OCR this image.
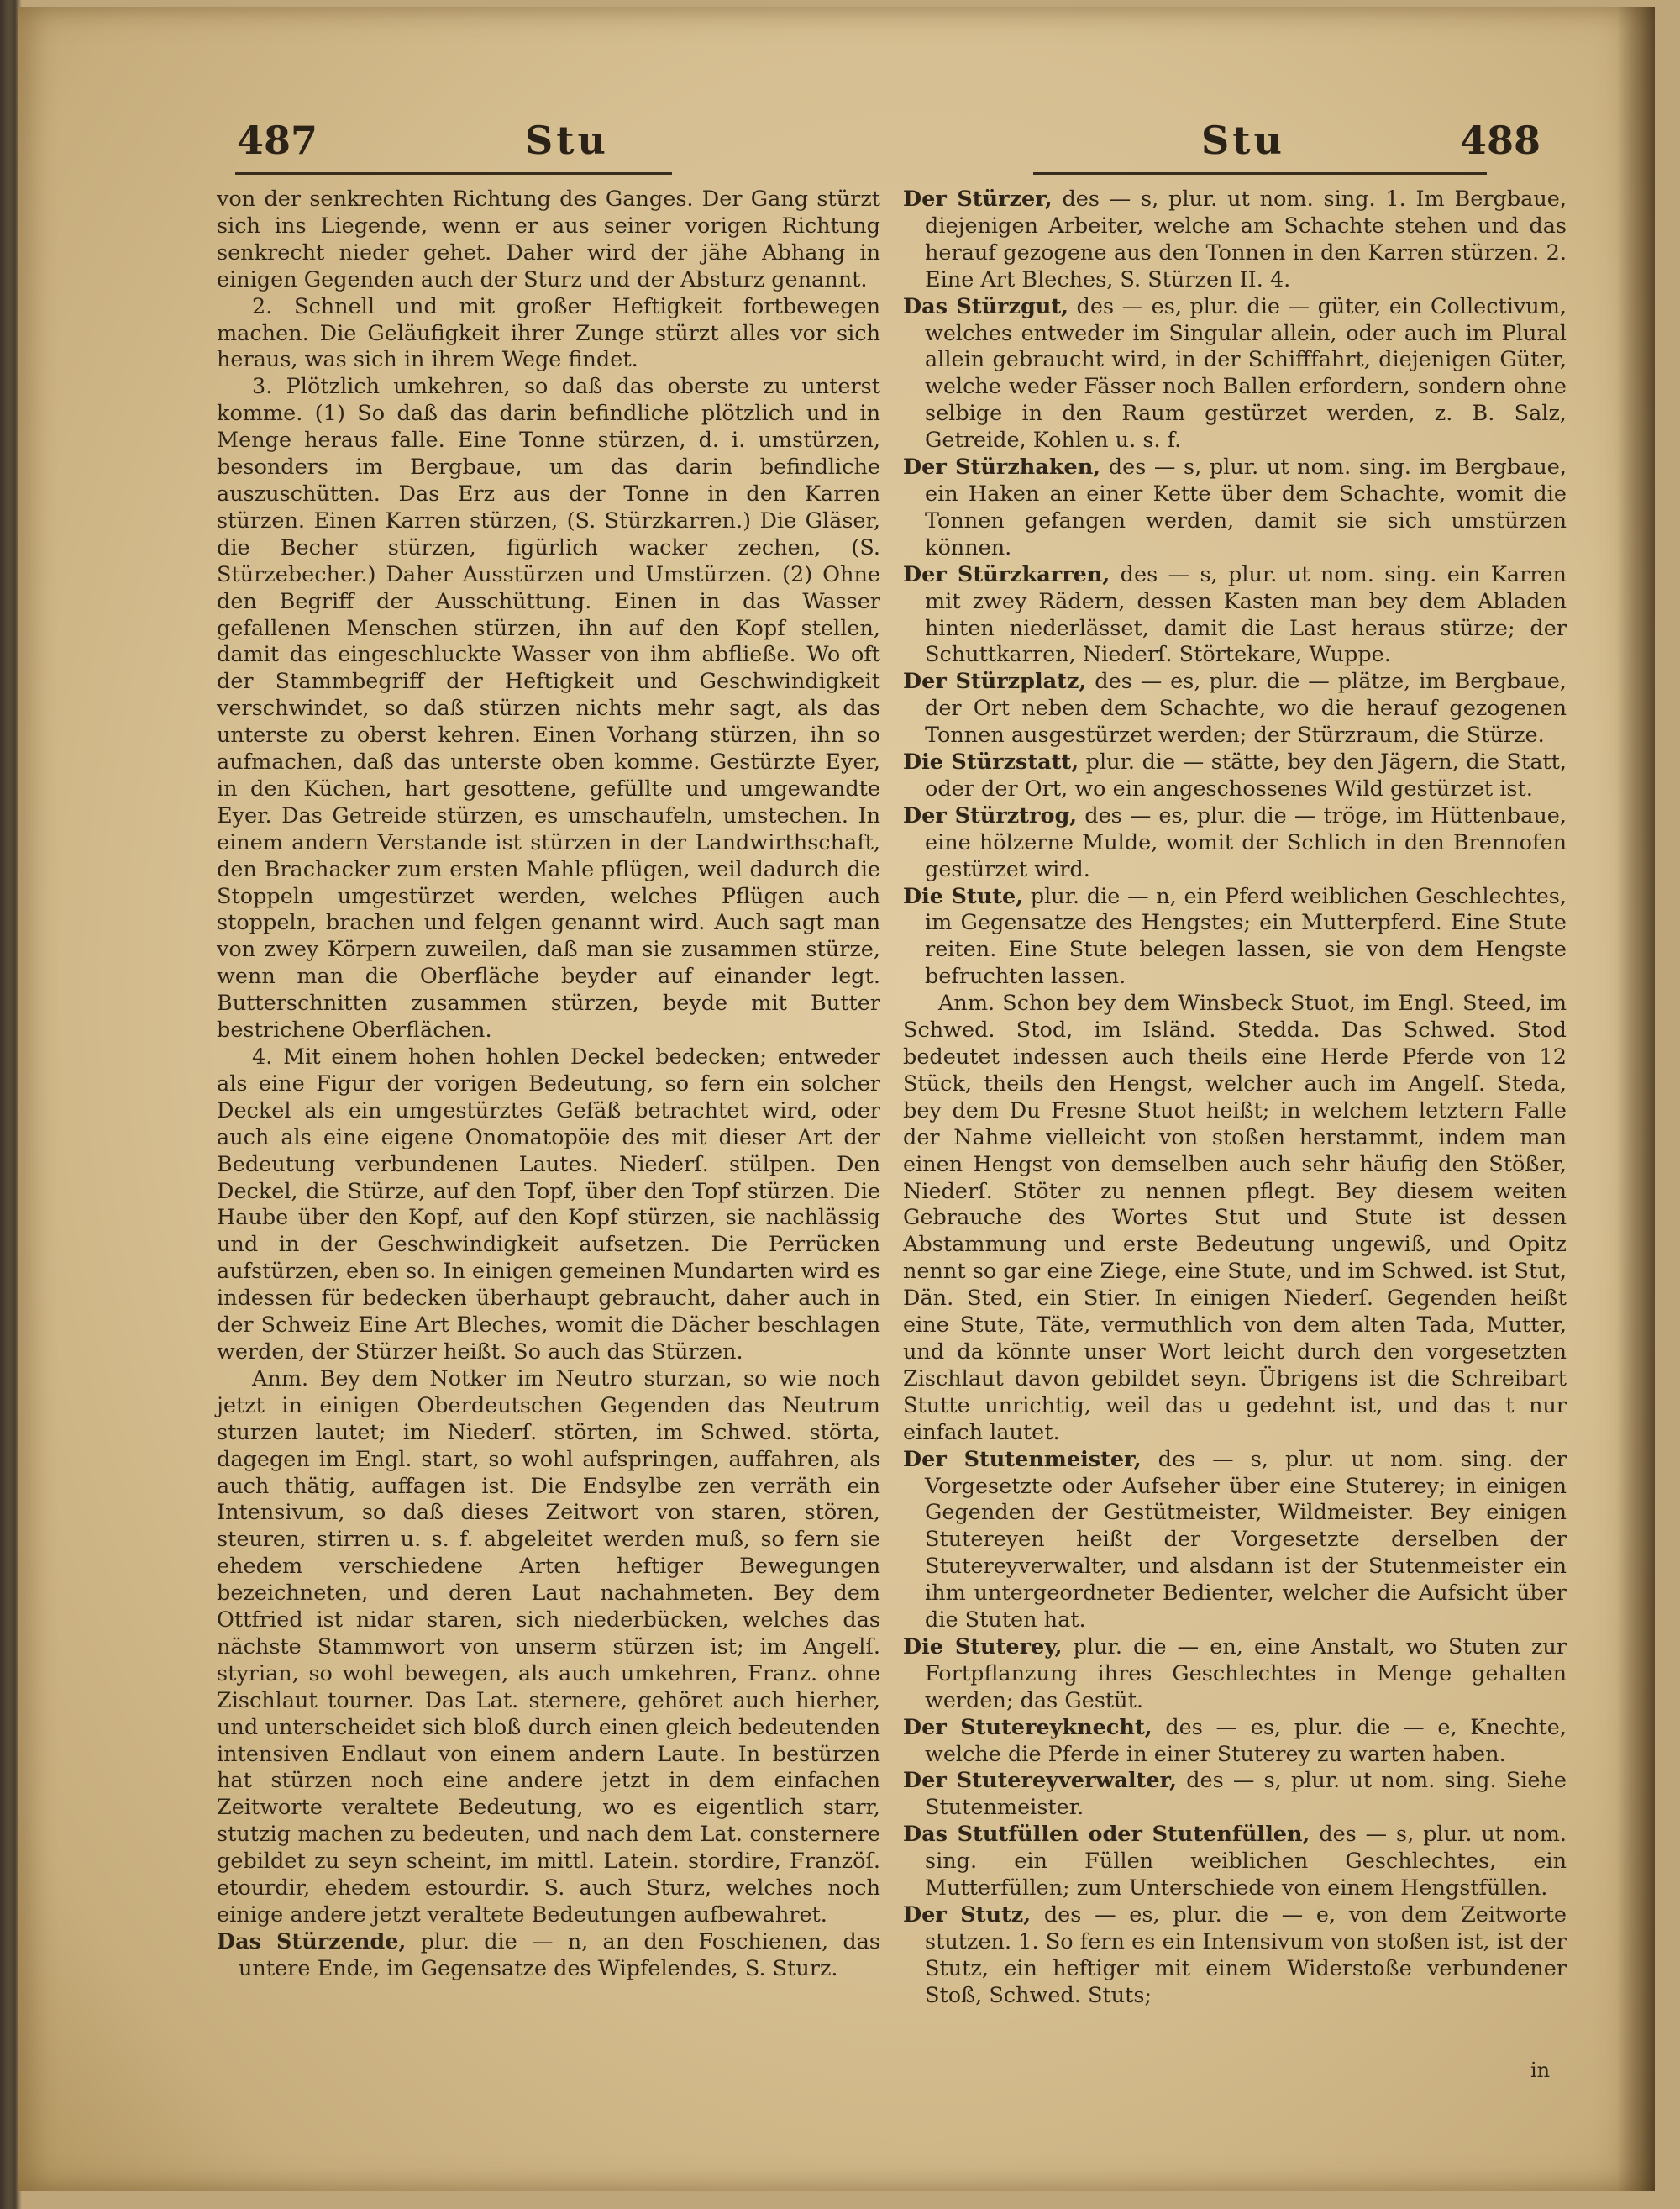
487	Stu	Stu	488

von der senkrechten Richtung des Ganges. Der Gang stürzt sich ins Liegende, wenn er aus seiner vorigen Richtung senkrecht nieder gehet. Daher wird der jähe Abhang in einigen Gegenden auch der Sturz und der Absturz genannt.

2. Schnell und mit großer Heftigkeit fortbewegen machen. Die Geläufigkeit ihrer Zunge stürzt alles vor sich heraus, was sich in ihrem Wege findet.

3. Plötzlich umkehren, so daß das oberste zu unterst komme. (1) So daß das darin befindliche plötzlich und in Menge heraus falle. Eine Tonne stürzen, d. i. umstürzen, besonders im Bergbaue, um das darin befindliche auszuschütten. Das Erz aus der Tonne in den Karren stürzen. Einen Karren stürzen, (S. Stürzkarren.) Die Gläser, die Becher stürzen, figürlich wacker zechen, (S. Stürzebecher.) Daher Ausstürzen und Umstürzen. (2) Ohne den Begriff der Ausschüttung. Einen in das Wasser gefallenen Menschen stürzen, ihn auf den Kopf stellen, damit das eingeschluckte Wasser von ihm abfließe. Wo oft der Stammbegriff der Heftigkeit und Geschwindigkeit verschwindet, so daß stürzen nichts mehr sagt, als das unterste zu oberst kehren. Einen Vorhang stürzen, ihn so aufmachen, daß das unterste oben komme. Gestürzte Eyer, in den Küchen, hart gesottene, gefüllte und umgewandte Eyer. Das Getreide stürzen, es umschaufeln, umstechen. In einem andern Verstande ist stürzen in der Landwirthschaft, den Brachacker zum ersten Mahle pflügen, weil dadurch die Stoppeln umgestürzet werden, welches Pflügen auch stoppeln, brachen und felgen genannt wird. Auch sagt man von zwey Körpern zuweilen, daß man sie zusammen stürze, wenn man die Oberfläche beyder auf einander legt. Butterschnitten zusammen stürzen, beyde mit Butter bestrichene Oberflächen.

4. Mit einem hohen hohlen Deckel bedecken; entweder als eine Figur der vorigen Bedeutung, so fern ein solcher Deckel als ein umgestürztes Gefäß betrachtet wird, oder auch als eine eigene Onomatopöie des mit dieser Art der Bedeutung verbundenen Lautes. Niederſ. stülpen. Den Deckel, die Stürze, auf den Topf, über den Topf stürzen. Die Haube über den Kopf, auf den Kopf stürzen, sie nachlässig und in der Geschwindigkeit aufsetzen. Die Perrücken aufstürzen, eben so. In einigen gemeinen Mundarten wird es indessen für bedecken überhaupt gebraucht, daher auch in der Schweiz Eine Art Bleches, womit die Dächer beschlagen werden, der Stürzer heißt. So auch das Stürzen.

Anm. Bey dem Notker im Neutro sturzan, so wie noch jetzt in einigen Oberdeutschen Gegenden das Neutrum sturzen lautet; im Niederſ. störten, im Schwed. störta, dagegen im Engl. start, so wohl aufspringen, auffahren, als auch thätig, auffagen ist. Die Endsylbe zen verräth ein Intensivum, so daß dieses Zeitwort von staren, stören, steuren, stirren u. s. f. abgeleitet werden muß, so fern sie ehedem verschiedene Arten heftiger Bewegungen bezeichneten, und deren Laut nachahmeten. Bey dem Ottfried ist nidar staren, sich niederbücken, welches das nächste Stammwort von unserm stürzen ist; im Angelſ. styrian, so wohl bewegen, als auch umkehren, Franz. ohne Zischlaut tourner. Das Lat. sternere, gehöret auch hierher, und unterscheidet sich bloß durch einen gleich bedeutenden intensiven Endlaut von einem andern Laute. In bestürzen hat stürzen noch eine andere jetzt in dem einfachen Zeitworte veraltete Bedeutung, wo es eigentlich starr, stutzig machen zu bedeuten, und nach dem Lat. consternere gebildet zu seyn scheint, im mittl. Latein. stordire, Franzöſ. etourdir, ehedem estourdir. S. auch Sturz, welches noch einige andere jetzt veraltete Bedeutungen aufbewahret.

Das Stürzende, plur. die — n, an den Foschienen, das untere Ende, im Gegensatze des Wipfelendes, S. Sturz.

Der Stürzer, des — s, plur. ut nom. sing. 1. Im Bergbaue, diejenigen Arbeiter, welche am Schachte stehen und das herauf gezogene aus den Tonnen in den Karren stürzen. 2. Eine Art Bleches, S. Stürzen II. 4.

Das Stürzgut, des — es, plur. die — güter, ein Collectivum, welches entweder im Singular allein, oder auch im Plural allein gebraucht wird, in der Schifffahrt, diejenigen Güter, welche weder Fässer noch Ballen erfordern, sondern ohne selbige in den Raum gestürzet werden, z. B. Salz, Getreide, Kohlen u. s. f.

Der Stürzhaken, des — s, plur. ut nom. sing. im Bergbaue, ein Haken an einer Kette über dem Schachte, womit die Tonnen gefangen werden, damit sie sich umstürzen können.

Der Stürzkarren, des — s, plur. ut nom. sing. ein Karren mit zwey Rädern, dessen Kasten man bey dem Abladen hinten niederlässet, damit die Last heraus stürze; der Schuttkarren, Niederſ. Störtekare, Wuppe.

Der Stürzplatz, des — es, plur. die — plätze, im Bergbaue, der Ort neben dem Schachte, wo die herauf gezogenen Tonnen ausgestürzet werden; der Stürzraum, die Stürze.

Die Stürzstatt, plur. die — stätte, bey den Jägern, die Statt, oder der Ort, wo ein angeschossenes Wild gestürzet ist.

Der Stürztrog, des — es, plur. die — tröge, im Hüttenbaue, eine hölzerne Mulde, womit der Schlich in den Brennofen gestürzet wird.

Die Stute, plur. die — n, ein Pferd weiblichen Geschlechtes, im Gegensatze des Hengstes; ein Mutterpferd. Eine Stute reiten. Eine Stute belegen lassen, sie von dem Hengste befruchten lassen.

Anm. Schon bey dem Winsbeck Stuot, im Engl. Steed, im Schwed. Stod, im Isländ. Stedda. Das Schwed. Stod bedeutet indessen auch theils eine Herde Pferde von 12 Stück, theils den Hengst, welcher auch im Angelſ. Steda, bey dem Du Fresne Stuot heißt; in welchem letztern Falle der Nahme vielleicht von stoßen herstammt, indem man einen Hengst von demselben auch sehr häufig den Stößer, Niederſ. Stöter zu nennen pflegt. Bey diesem weiten Gebrauche des Wortes Stut und Stute ist dessen Abstammung und erste Bedeutung ungewiß, und Opitz nennt so gar eine Ziege, eine Stute, und im Schwed. ist Stut, Dän. Sted, ein Stier. In einigen Niederſ. Gegenden heißt eine Stute, Täte, vermuthlich von dem alten Tada, Mutter, und da könnte unser Wort leicht durch den vorgesetzten Zischlaut davon gebildet seyn. Übrigens ist die Schreibart Stutte unrichtig, weil das u gedehnt ist, und das t nur einfach lautet.

Der Stutenmeister, des — s, plur. ut nom. sing. der Vorgesetzte oder Aufseher über eine Stuterey; in einigen Gegenden der Gestütmeister, Wildmeister. Bey einigen Stutereyen heißt der Vorgesetzte derselben der Stutereyverwalter, und alsdann ist der Stutenmeister ein ihm untergeordneter Bedienter, welcher die Aufsicht über die Stuten hat.

Die Stuterey, plur. die — en, eine Anstalt, wo Stuten zur Fortpflanzung ihres Geschlechtes in Menge gehalten werden; das Gestüt.

Der Stutereyknecht, des — es, plur. die — e, Knechte, welche die Pferde in einer Stuterey zu warten haben.

Der Stutereyverwalter, des — s, plur. ut nom. sing. Siehe Stutenmeister.

Das Stutfüllen oder Stutenfüllen, des — s, plur. ut nom. sing. ein Füllen weiblichen Geschlechtes, ein Mutterfüllen; zum Unterschiede von einem Hengstfüllen.

Der Stutz, des — es, plur. die — e, von dem Zeitworte stutzen. 1. So fern es ein Intensivum von stoßen ist, ist der Stutz, ein heftiger mit einem Widerstoße verbundener Stoß, Schwed. Stuts;

in
